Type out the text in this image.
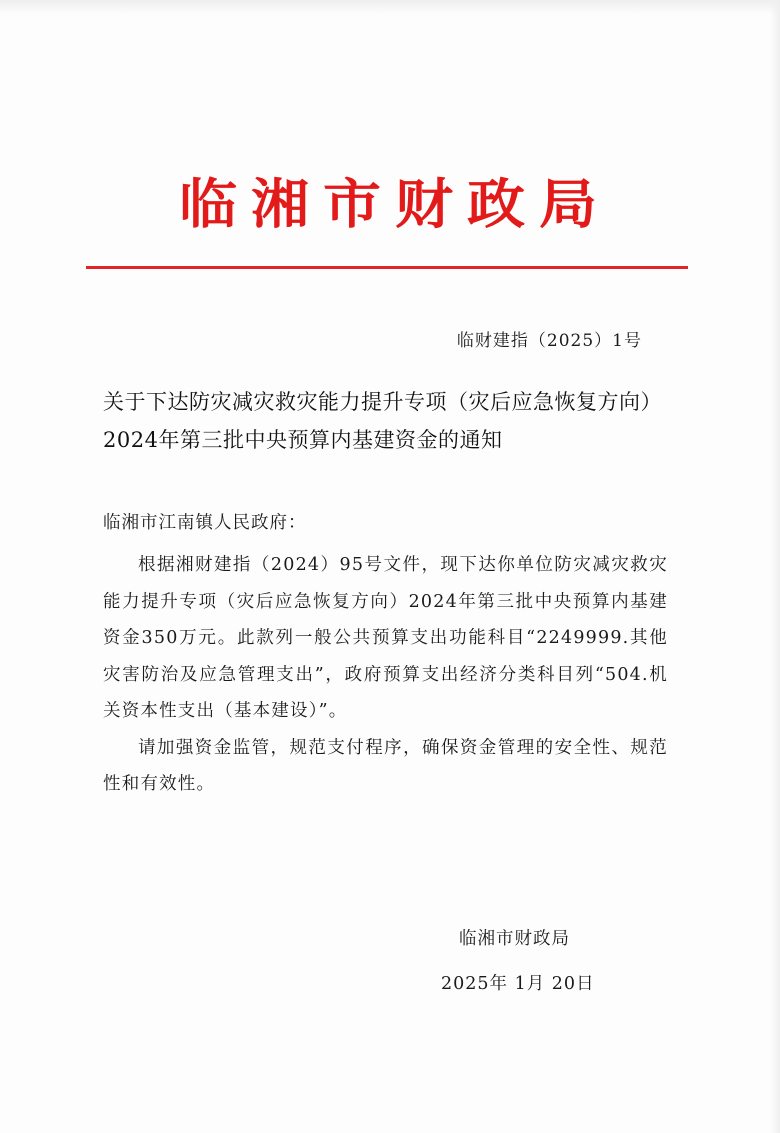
临湘市财政局
临财建指（2025）1号
关于下达防灾减灾救灾能力提升专项（灾后应急恢复方向）2024年第三批中央预算内基建资金的通知
临湘市江南镇人民政府：

根据湘财建指（2024）95号文件，现下达你单位防灾减灾救灾能力提升专项（灾后应急恢复方向）2024年第三批中央预算内基建资金350万元。此款列一般公共预算支出功能科目“2249999.其他灾害防治及应急管理支出”，政府预算支出经济分类科目列“504.机关资本性支出（基本建设）”。

请加强资金监管，规范支付程序，确保资金管理的安全性、规范性和有效性。

临湘市财政局
2025年 1月 20日
